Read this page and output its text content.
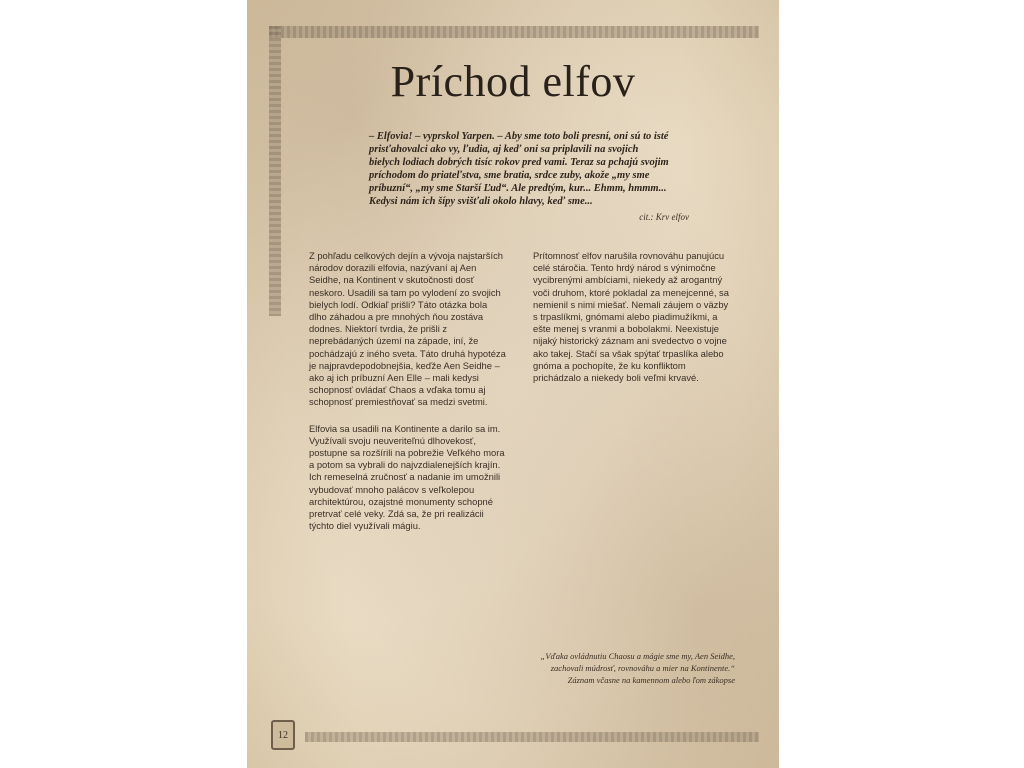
Príchod elfov
– Elfovia! – vyprskol Yarpen. – Aby sme toto boli presní, oni sú to isté prisťahovalci ako vy, ľudia, aj keď oni sa priplavili na svojich bielych lodiach dobrých tisíc rokov pred vami. Teraz sa pchajú svojim príchodom do priateľstva, sme bratia, srdce zuby, akože „my sme príbuzní“, „my sme Starší Ľud“. Ale predtým, kur... Ehmm, hmmm... Kedysi nám ich šípy svišťali okolo hlavy, keď sme...
cit.: Krv elfov

Z pohľadu celkových dejín a vývoja najstarších národov dorazili elfovia, nazývaní aj Aen Seidhe, na Kontinent v skutočnosti dosť neskoro. Usadili sa tam po vylodení zo svojich bielych lodí. Odkiaľ prišli? Táto otázka bola dlho záhadou a pre mnohých ňou zostáva dodnes. Niektorí tvrdia, že prišli z neprebádaných území na západe, iní, že pochádzajú z iného sveta. Táto druhá hypotéza je najpravdepodobnejšia, keďže Aen Seidhe – ako aj ich príbuzní Aen Elle – mali kedysi schopnosť ovládať Chaos a vďaka tomu aj schopnosť premiestňovať sa medzi svetmi.

Elfovia sa usadili na Kontinente a darilo sa im. Využívali svoju neuveriteľnú dlhovekosť, postupne sa rozšírili na pobrežie Veľkého mora a potom sa vybrali do najvzdialenejších krajín. Ich remeselná zručnosť a nadanie im umožnili vybudovať mnoho palácov s veľkolepou architektúrou, ozajstné monumenty schopné pretrvať celé veky. Zdá sa, že pri realizácii týchto diel využívali mágiu.

Prítomnosť elfov narušila rovnováhu panujúcu celé stáročia. Tento hrdý národ s výnimočne vycibrenými ambíciami, niekedy až arogantný voči druhom, ktoré pokladal za menejcenné, sa nemienil s nimi miešať. Nemali záujem o väzby s trpaslíkmi, gnómami alebo piadimužíkmi, a ešte menej s vranmi a bobolakmi. Neexistuje nijaký historický záznam ani svedectvo o vojne ako takej. Stačí sa však spýtať trpaslíka alebo gnóma a pochopíte, že ku konfliktom prichádzalo a niekedy boli veľmi krvavé.

„Vďaka ovládnutiu Chaosu a mágie sme my, Aen Seidhe,
zachovali múdrosť, rovnováhu a mier na Kontinente.“
Záznam včasne na kamennom alebo ľom zákopse
12
